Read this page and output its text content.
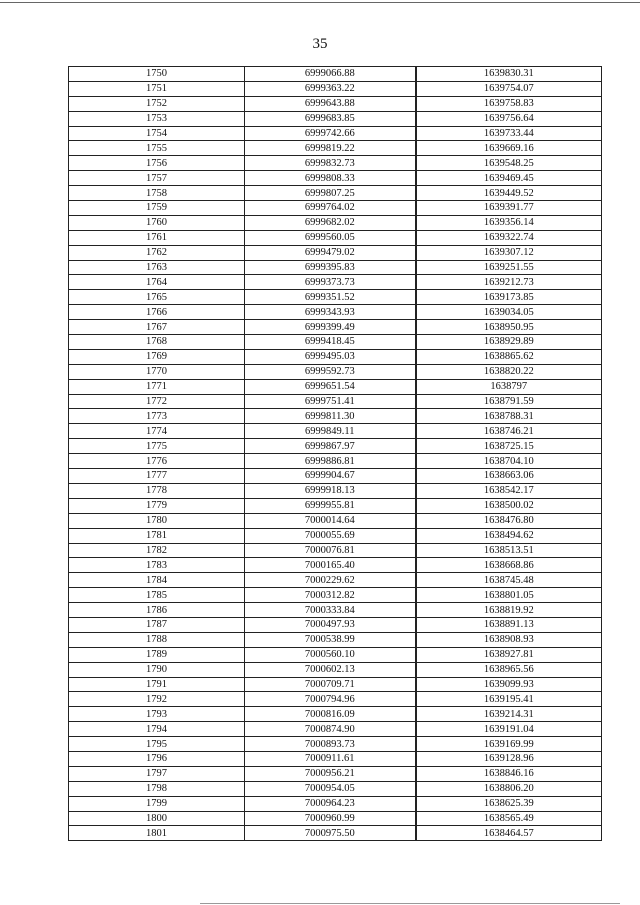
35
1750	6999066.88	1639830.31
1751	6999363.22	1639754.07
1752	6999643.88	1639758.83
1753	6999683.85	1639756.64
1754	6999742.66	1639733.44
1755	6999819.22	1639669.16
1756	6999832.73	1639548.25
1757	6999808.33	1639469.45
1758	6999807.25	1639449.52
1759	6999764.02	1639391.77
1760	6999682.02	1639356.14
1761	6999560.05	1639322.74
1762	6999479.02	1639307.12
1763	6999395.83	1639251.55
1764	6999373.73	1639212.73
1765	6999351.52	1639173.85
1766	6999343.93	1639034.05
1767	6999399.49	1638950.95
1768	6999418.45	1638929.89
1769	6999495.03	1638865.62
1770	6999592.73	1638820.22
1771	6999651.54	1638797
1772	6999751.41	1638791.59
1773	6999811.30	1638788.31
1774	6999849.11	1638746.21
1775	6999867.97	1638725.15
1776	6999886.81	1638704.10
1777	6999904.67	1638663.06
1778	6999918.13	1638542.17
1779	6999955.81	1638500.02
1780	7000014.64	1638476.80
1781	7000055.69	1638494.62
1782	7000076.81	1638513.51
1783	7000165.40	1638668.86
1784	7000229.62	1638745.48
1785	7000312.82	1638801.05
1786	7000333.84	1638819.92
1787	7000497.93	1638891.13
1788	7000538.99	1638908.93
1789	7000560.10	1638927.81
1790	7000602.13	1638965.56
1791	7000709.71	1639099.93
1792	7000794.96	1639195.41
1793	7000816.09	1639214.31
1794	7000874.90	1639191.04
1795	7000893.73	1639169.99
1796	7000911.61	1639128.96
1797	7000956.21	1638846.16
1798	7000954.05	1638806.20
1799	7000964.23	1638625.39
1800	7000960.99	1638565.49
1801	7000975.50	1638464.57
